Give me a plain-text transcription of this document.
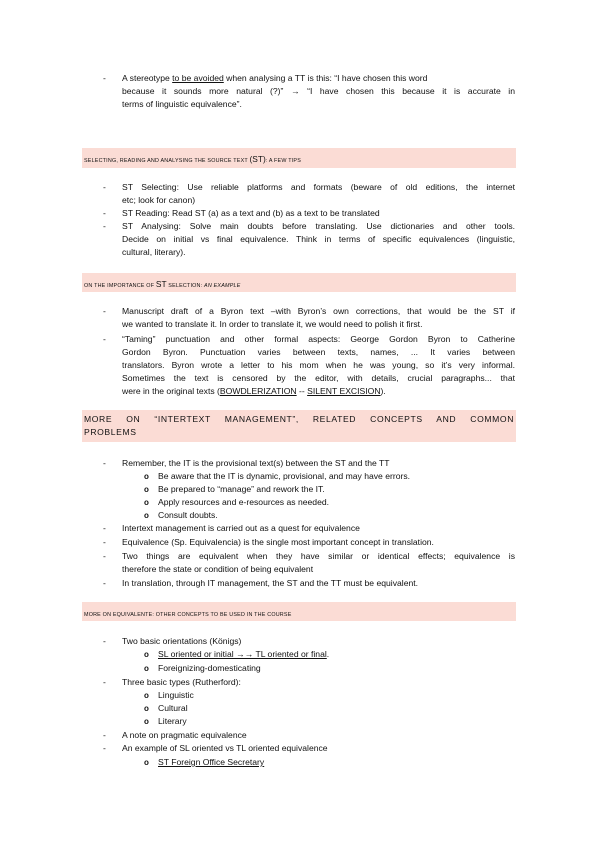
-	A stereotype to be avoided when analysing a TT is this: “I have chosen this word
because it sounds more natural (?)” → “I have chosen this because it is accurate in
terms of linguistic equivalence”.
SELECTING, READING AND ANALYSING THE SOURCE TEXT (ST): A FEW TIPS
-	ST Selecting: Use reliable platforms and formats (beware of old editions, the internet
etc; look for canon)
-	ST Reading: Read ST (a) as a text and (b) as a text to be translated
-	ST Analysing: Solve main doubts before translating. Use dictionaries and other tools.
Decide on initial vs final equivalence. Think in terms of specific equivalences (linguistic,
cultural, literary).
ON THE IMPORTANCE OF ST SELECTION: AN EXAMPLE
-	Manuscript draft of a Byron text –with Byron’s own corrections, that would be the ST if
we wanted to translate it. In order to translate it, we would need to polish it first.
-	“Taming” punctuation and other formal aspects: George Gordon Byron to Catherine
Gordon Byron. Punctuation varies between texts, names, ... It varies between
translators. Byron wrote a letter to his mom when he was young, so it’s very informal.
Sometimes the text is censored by the editor, with details, crucial paragraphs... that
were in the original texts (BOWDLERIZATION -- SILENT EXCISION).
MORE ON “INTERTEXT MANAGEMENT”, RELATED CONCEPTS AND COMMON
PROBLEMS
-	Remember, the IT is the provisional text(s) between the ST and the TT
o Be aware that the IT is dynamic, provisional, and may have errors.
o Be prepared to “manage” and rework the IT.
o Apply resources and e-resources as needed.
o Consult doubts.
-	Intertext management is carried out as a quest for equivalence
-	Equivalence (Sp. Equivalencia) is the single most important concept in translation.
-	Two things are equivalent when they have similar or identical effects; equivalence is
therefore the state or condition of being equivalent
-	In translation, through IT management, the ST and the TT must be equivalent.
MORE ON EQUIVALENTE: OTHER CONCEPTS TO BE USED IN THE COURSE
-	Two basic orientations (Königs)
o SL oriented or initial →→ TL oriented or final.
o Foreignizing-domesticating
-	Three basic types (Rutherford):
o Linguistic
o Cultural
o Literary
-	A note on pragmatic equivalence
-	An example of SL oriented vs TL oriented equivalence
o ST Foreign Office Secretary
